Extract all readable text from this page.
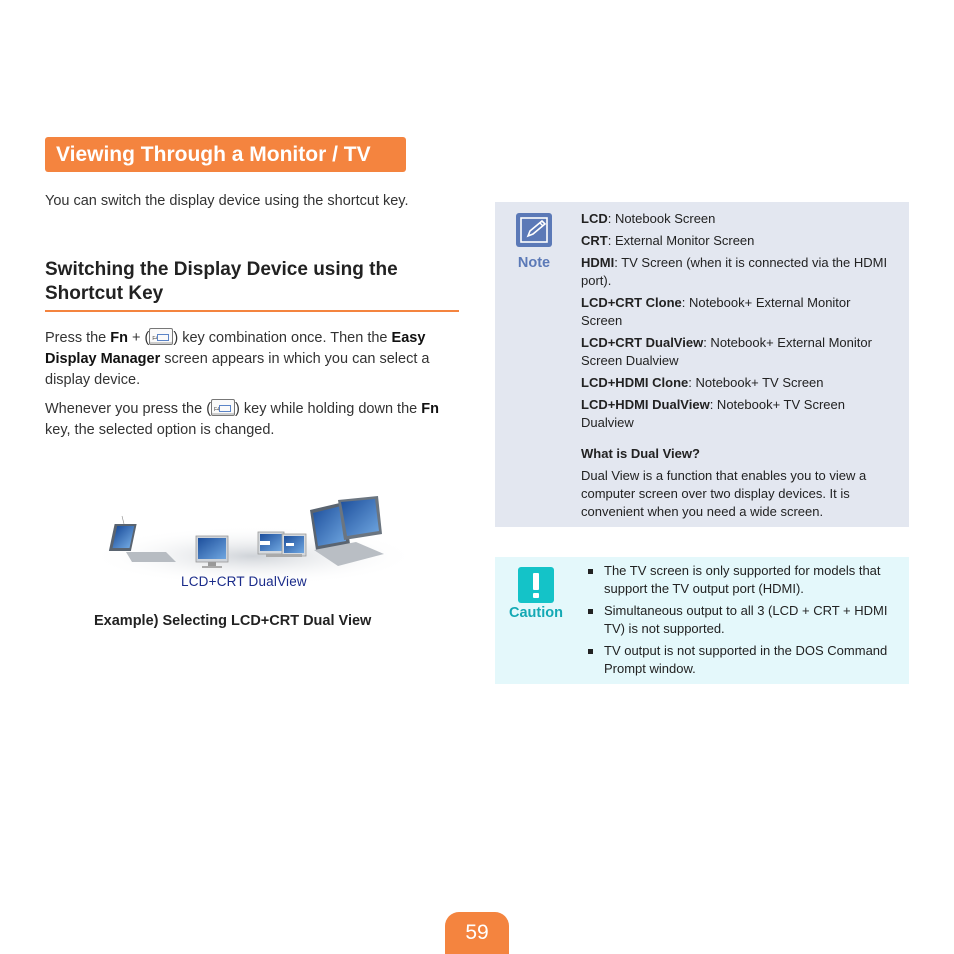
Viewing Through a Monitor / TV
You can switch the display device using the shortcut key.
Switching the Display Device using the Shortcut Key
Press the Fn + ( F4 ) key combination once. Then the Easy Display Manager screen appears in which you can select a display device.
Whenever you press the ( F4 ) key while holding down the Fn key, the selected option is changed.
LCD+CRT DualView
Example) Selecting LCD+CRT Dual View
Note
LCD: Notebook Screen
CRT: External Monitor Screen
HDMI: TV Screen (when it is connected via the HDMI port).
LCD+CRT Clone: Notebook+ External Monitor Screen
LCD+CRT DualView: Notebook+ External Monitor Screen Dualview
LCD+HDMI Clone: Notebook+ TV Screen
LCD+HDMI DualView: Notebook+ TV Screen Dualview
What is Dual View?
Dual View is a function that enables you to view a computer screen over two display devices. It is convenient when you need a wide screen.
Caution
The TV screen is only supported for models that support the TV output port (HDMI).
Simultaneous output to all 3 (LCD + CRT + HDMI TV) is not supported.
TV output is not supported in the DOS Command Prompt window.
59
